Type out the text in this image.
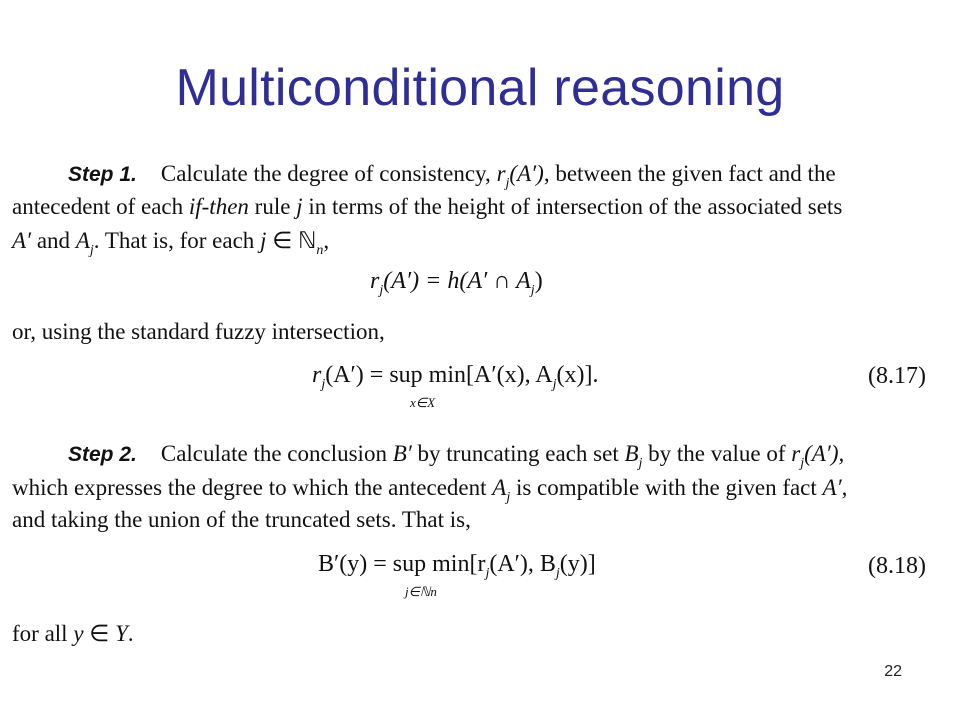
Multiconditional reasoning
Step 1. Calculate the degree of consistency, $r_j(A')$, between the given fact and the
antecedent of each if-then rule j in terms of the height of intersection of the associated sets
A′ and $A_j$. That is, for each j ∈ ℕ$_n$,
$r_j(A') = h(A'$ ∩ $A_j$)
or, using the standard fuzzy intersection,
$r_j(A')$ = sup min[A′(x), $A_j(x)$].
x∈X
(8.17)
Step 2. Calculate the conclusion B′ by truncating each set $B_j$ by the value of $r_j(A')$,
which expresses the degree to which the antecedent $A_j$ is compatible with the given fact A′,
and taking the union of the truncated sets. That is,
B′(y) = sup $\min[r_j(A')$, $B_j(y)$]
j∈ℕn
(8.18)
for all y ∈ Y.
22
